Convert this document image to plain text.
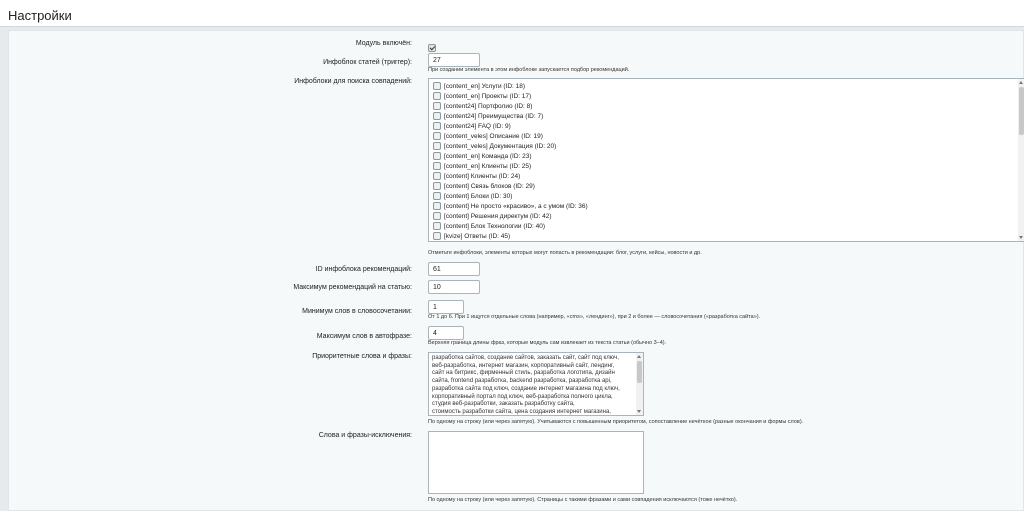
Настройки
Модуль включён:
Инфоблок статей (триггер):	27
При создании элемента в этом инфоблоке запускается подбор рекомендаций.
Инфоблоки для поиска совпадений:
[content_en] Услуги (ID: 18)
[content_en] Проекты (ID: 17)
[content24] Портфолио (ID: 8)
[content24] Преимущества (ID: 7)
[content24] FAQ (ID: 9)
[content_veles] Описание (ID: 19)
[content_veles] Документация (ID: 20)
[content_en] Команда (ID: 23)
[content_en] Клиенты (ID: 25)
[content] Клиенты (ID: 24)
[content] Связь блоков (ID: 29)
[content] Блоки (ID: 30)
[content] Не просто «красиво», а с умом (ID: 36)
[content] Решения директум (ID: 42)
[content] Блок Технологии (ID: 40)
[kvize] Ответы (ID: 45)
Отметьте инфоблоки, элементы которых могут попасть в рекомендации: блог, услуги, кейсы, новости и др.
ID инфоблока рекомендаций:	61
Максимум рекомендаций на статью:	10
Минимум слов в словосочетании:
1
От 1 до 6. При 1 ищутся отдельные слова (например, «cms», «лендинг»), при 2 и более — словосочетания («разработка сайта»).
Максимум слов в автофразе:	4
Верхняя граница длины фраз, которые модуль сам извлекает из текста статьи (обычно 3–4).
Приоритетные слова и фразы:	разработка сайтов, создание сайтов, заказать сайт, сайт под ключ,
веб-разработка, интернет магазин, корпоративный сайт, лендинг,
сайт на битрикс, фирменный стиль, разработка логотипа, дизайн
сайта, frontend разработка, backend разработка, разработка api,
разработка сайта под ключ, создание интернет магазина под ключ,
корпоративный портал под ключ, веб-разработка полного цикла,
студия веб-разработки, заказать разработку сайта,
стоимость разработки сайта, цена создания интернет магазина,
По одному на строку (или через запятую). Учитываются с повышенным приоритетом, сопоставление нечёткое (разные окончания и формы слов).
Слова и фразы-исключения:
По одному на строку (или через запятую). Страницы с такими фразами и сами совпадения исключаются (тоже нечётко).
